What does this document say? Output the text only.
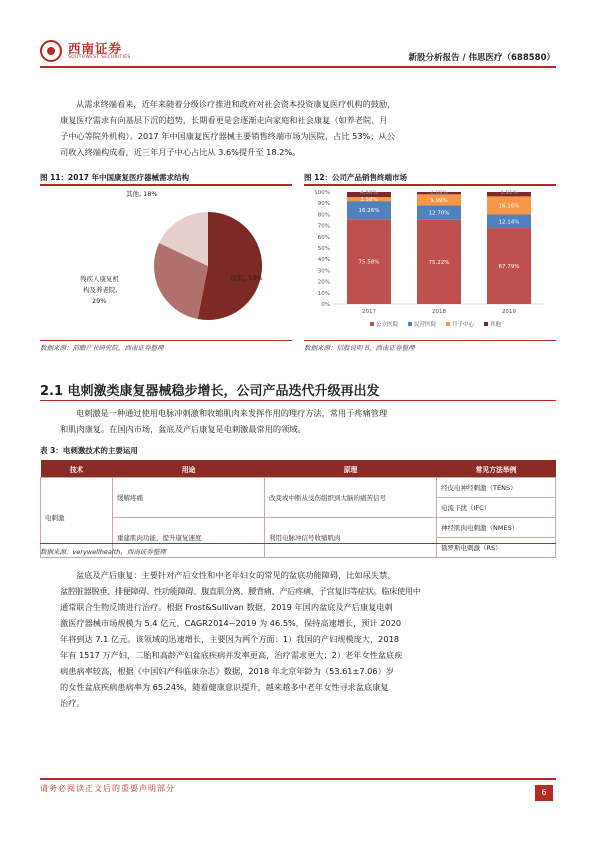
西南证券
SOUTHWEST SECURITIES	新股分析报告 / 伟思医疗（688580）

从需求终端看来，近年来随着分级诊疗推进和政府对社会资本投资康复医疗机构的鼓励，

康复医疗需求有向基层下沉的趋势，长期看更是会逐渐走向家庭和社会康复（如养老院、月

子中心等院外机构）。2017 年中国康复医疗器械主要销售终端市场为医院，占比 53%；从公

司收入终端构成看，近三年月子中心占比从 3.6%提升至 18.2%。

图 11：2017 年中国康复医疗器械需求结构
其他, 18%
医院, 53%
残疾人康复机
构及养老院,
29%
数据来源：前瞻产业研究院，西南证券整理
图 12：公司产品销售终端市场
100%
90%
80%
70%
60%
50%
40%
30%
20%
10%
0%
75.58%
16.26%
3.58%
4.58%
75.22%
12.70%
9.99%
2.09%
67.79%
12.14%
16.16%
3.91%
2017	2018	2019
公立医院	民营医院	月子中心	其他
数据来源：招股说明书，西南证券整理
2.1 电刺激类康复器械稳步增长，公司产品迭代升级再出发

电刺激是一种通过使用电脉冲刺激和收缩肌肉来发挥作用的理疗方法，常用于疼痛管理

和肌肉康复。在国内市场，盆底及产后康复是电刺激最常用的领域。

表 3：电刺激技术的主要运用
技术	用途	原理	常见方法举例
电刺激	缓解疼痛	改变或中断从受伤组织到大脑的痛苦信号	经皮电神经刺激（TENS）
			电流干扰（IFC）
	重建肌肉功能，提升康复速度	利用电脉冲信号收缩肌肉	神经肌肉电刺激（NMES）
			俄罗斯电刺激（RS）
数据来源：verywellhealth，西南证券整理

盆底及产后康复：主要针对产后女性和中老年妇女的常见的盆底功能障碍，比如尿失禁、

盆腔脏器脱垂、排便障碍、性功能障碍、腹直肌分离、腰背痛、产后疼痛、子宫复旧等症状。临床使用中

通常联合生物反馈进行治疗。根据 Frost&Sullivan 数据，2019 年国内盆底及产后康复电刺

激医疗器械市场规模为 5.4 亿元，CAGR2014~2019 为 46.5%，保持高速增长，预计 2020

年将到达 7.1 亿元。该领域的迅速增长，主要因为两个方面：1）我国的产妇规模庞大，2018

年有 1517 万产妇，二胎和高龄产妇盆底疾病并发率更高，治疗需求更大；2）老年女性盆底疾

病患病率较高，根据《中国妇产科临床杂志》数据，2018 年北京年龄为（53.61±7.06）岁

的女性盆底疾病患病率为 65.24%，随着健康意识提升，越来越多中老年女性寻求盆底康复

治疗。

请务必阅读正文后的重要声明部分	6
